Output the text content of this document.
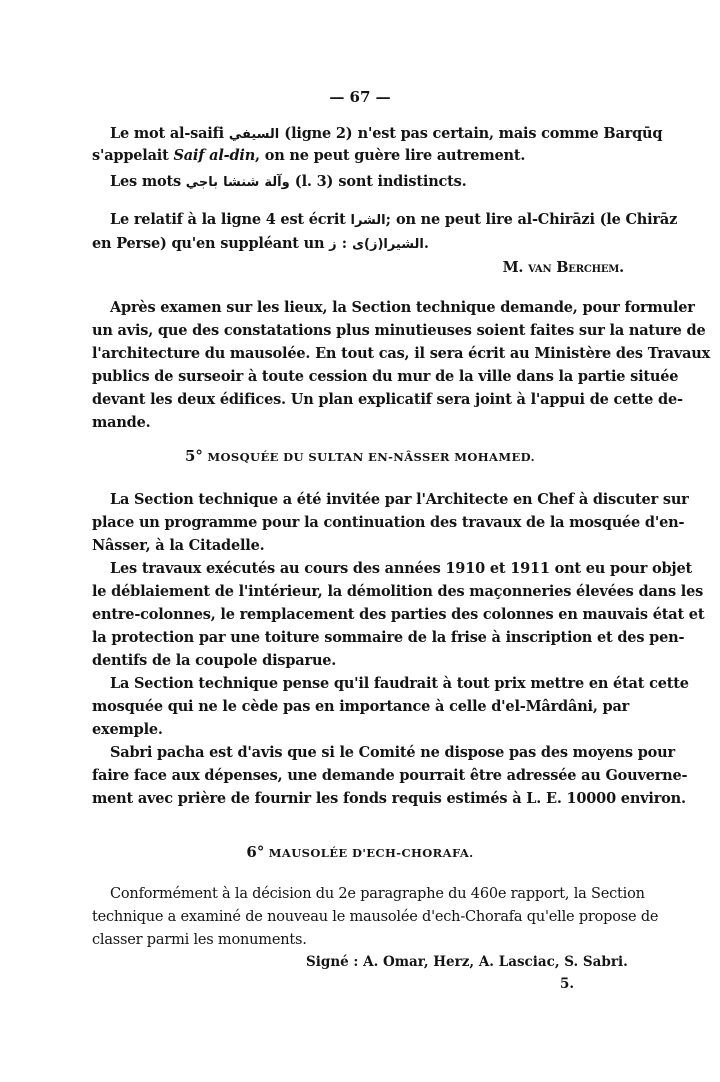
— 67 —
Le mot al-saifi السيفي (ligne 2) n'est pas certain, mais comme Barqūq
s'appelait Saif al-din, on ne peut guère lire autrement.
Les mots باجي شنشا وآلة (l. 3) sont indistincts.
Le relatif à la ligne 4 est écrit الشرا; on ne peut lire al-Chirāzi (le Chirāz
en Perse) qu'en suppléant un ز : الشيرا(ز)ى.
M. van Berchem.
Après examen sur les lieux, la Section technique demande, pour formuler
un avis, que des constatations plus minutieuses soient faites sur la nature de
l'architecture du mausolée. En tout cas, il sera écrit au Ministère des Travaux
publics de surseoir à toute cession du mur de la ville dans la partie située
devant les deux édifices. Un plan explicatif sera joint à l'appui de cette de-
mande.
5° MOSQUÉE DU SULTAN EN-NÂSSER MOHAMED.
La Section technique a été invitée par l'Architecte en Chef à discuter sur
place un programme pour la continuation des travaux de la mosquée d'en-
Nâsser, à la Citadelle.
Les travaux exécutés au cours des années 1910 et 1911 ont eu pour objet
le déblaiement de l'intérieur, la démolition des maçonneries élevées dans les
entre-colonnes, le remplacement des parties des colonnes en mauvais état et
la protection par une toiture sommaire de la frise à inscription et des pen-
dentifs de la coupole disparue.
La Section technique pense qu'il faudrait à tout prix mettre en état cette
mosquée qui ne le cède pas en importance à celle d'el-Mârdâni, par
exemple.
Sabri pacha est d'avis que si le Comité ne dispose pas des moyens pour
faire face aux dépenses, une demande pourrait être adressée au Gouverne-
ment avec prière de fournir les fonds requis estimés à L. E. 10000 environ.
6° MAUSOLÉE D'ECH-CHORAFA.
Conformément à la décision du 2e paragraphe du 460e rapport, la Section
technique a examiné de nouveau le mausolée d'ech-Chorafa qu'elle propose de
classer parmi les monuments.
Signé : A. Omar, Herz, A. Lasciac, S. Sabri.
5.
